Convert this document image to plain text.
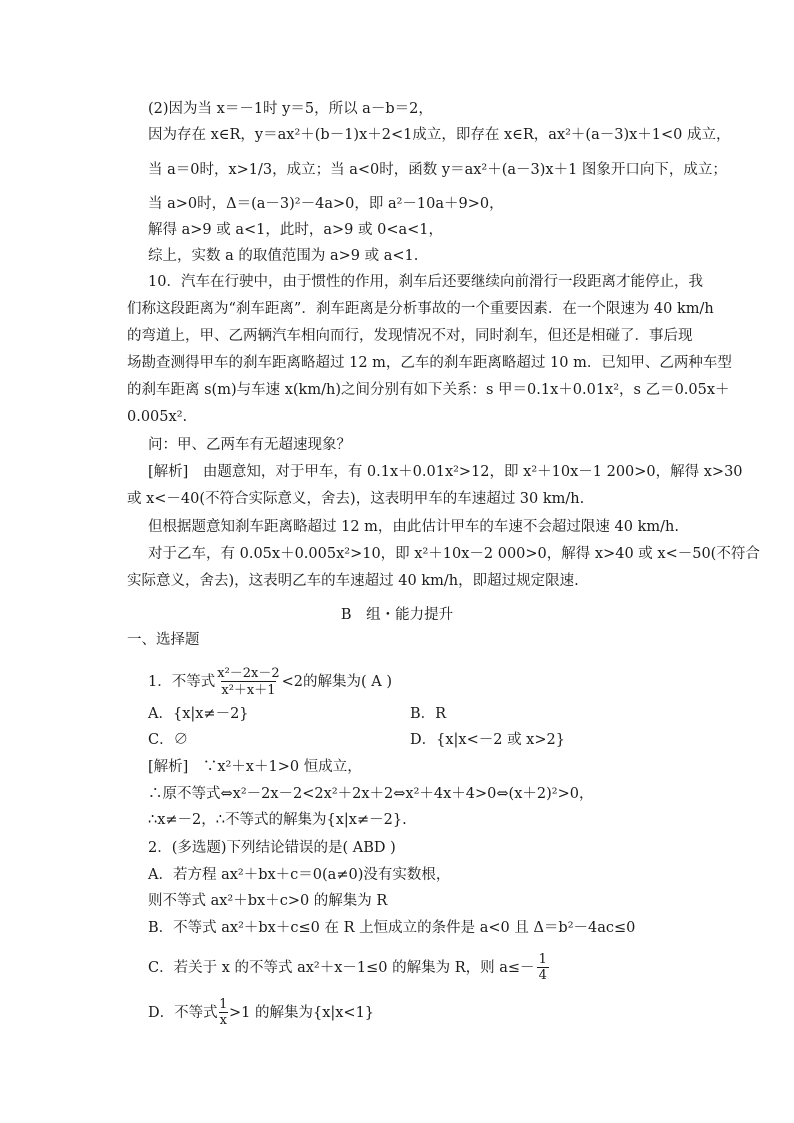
(2)因为当 x＝－1时 y＝5，所以 a－b＝2，
因为存在 x∈R，y＝ax²＋(b－1)x＋2<1成立，即存在 x∈R，ax²＋(a－3)x＋1<0 成立，
当 a＝0时，x>1/3，成立；当 a<0时，函数 y＝ax²＋(a－3)x＋1 图象开口向下，成立；
当 a>0时，Δ＝(a－3)²－4a>0，即 a²－10a＋9>0，
解得 a>9 或 a<1，此时，a>9 或 0<a<1，
综上，实数 a 的取值范围为 a>9 或 a<1.
10．汽车在行驶中，由于惯性的作用，刹车后还要继续向前滑行一段距离才能停止，我
们称这段距离为“刹车距离”．刹车距离是分析事故的一个重要因素．在一个限速为 40 km/h
的弯道上，甲、乙两辆汽车相向而行，发现情况不对，同时刹车，但还是相碰了．事后现
场勘查测得甲车的刹车距离略超过 12 m，乙车的刹车距离略超过 10 m．已知甲、乙两种车型
的刹车距离 s(m)与车速 x(km/h)之间分别有如下关系：s 甲＝0.1x＋0.01x²，s 乙＝0.05x＋
0.005x².
问：甲、乙两车有无超速现象？
[解析]　由题意知，对于甲车，有 0.1x＋0.01x²>12，即 x²＋10x－1 200>0，解得 x>30
或 x<－40(不符合实际意义，舍去)，这表明甲车的车速超过 30 km/h.
但根据题意知刹车距离略超过 12 m，由此估计甲车的车速不会超过限速 40 km/h.
对于乙车，有 0.05x＋0.005x²>10，即 x²＋10x－2 000>0，解得 x>40 或 x<－50(不符合
实际意义，舍去)，这表明乙车的车速超过 40 km/h，即超过规定限速.
B　组・能力提升
一、选择题
1．不等式 $\frac{\text{x²－2x－2}}{\text{x²＋x＋1}} <2$的解集为( A )
A．{x|x≠－2}	B．R
C．∅	D．{x|x<－2 或 x>2}
[解析]　∵x²＋x＋1>0 恒成立，
∴原不等式⇔x²－2x－2<2x²＋2x＋2⇔x²＋4x＋4>0⇔(x＋2)²>0，
∴x≠－2，∴不等式的解集为{x|x≠－2}.
2．(多选题)下列结论错误的是( ABD )
A．若方程 ax²＋bx＋c＝0(a≠0)没有实数根，
则不等式 ax²＋bx＋c>0 的解集为 R
B．不等式 ax²＋bx＋c≤0 在 R 上恒成立的条件是 a<0 且 Δ＝b²－4ac≤0
C．若关于 x 的不等式 ax²＋x－1≤0 的解集为 R，则 $a\le- \frac{1}{4}$
D．不等式 $\frac{1}{x} >1$ 的解集为{x|x<1}
